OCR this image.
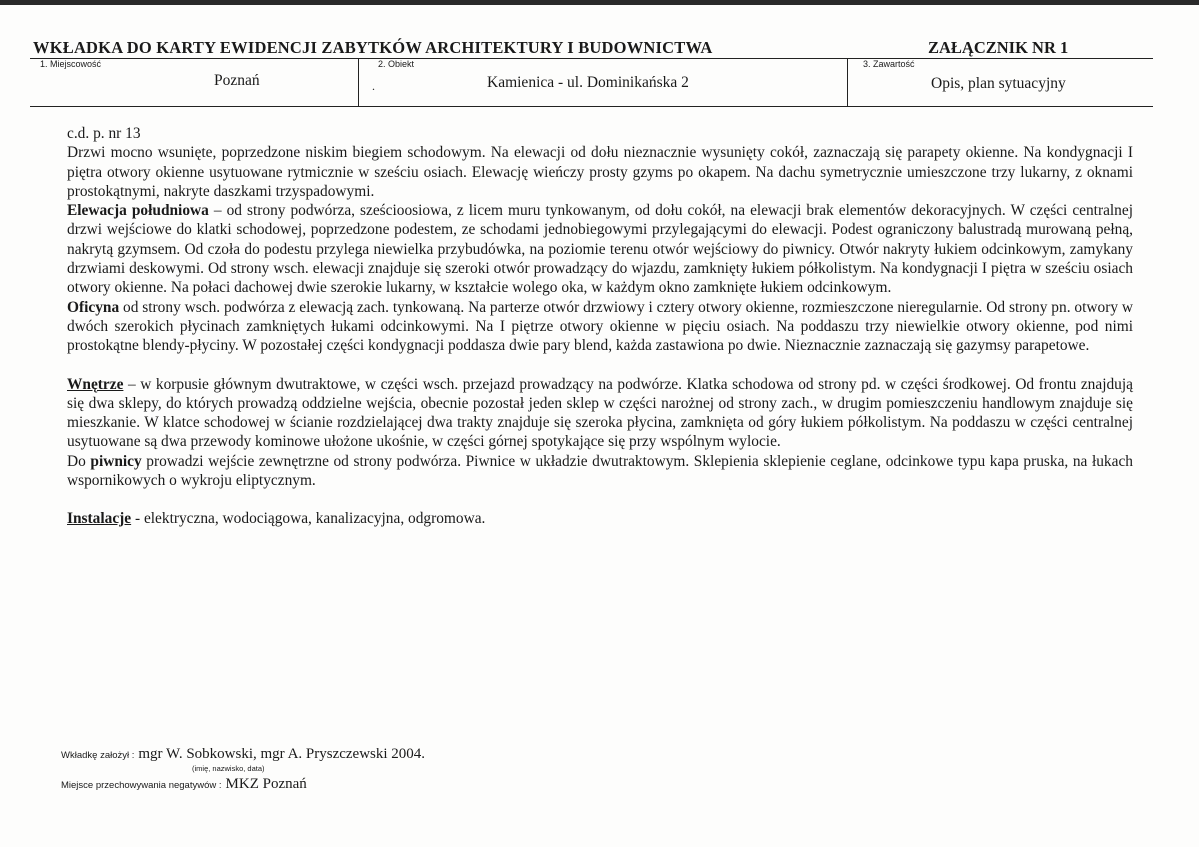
WKŁADKA DO KARTY EWIDENCJI ZABYTKÓW ARCHITEKTURY I BUDOWNICTWA	ZAŁĄCZNIK NR 1
1. Miejscowość
Poznań
2. Obiekt
.	Kamienica - ul. Dominikańska 2
3. Zawartość
Opis, plan sytuacyjny

c.d. p. nr 13

Drzwi mocno wsunięte, poprzedzone niskim biegiem schodowym. Na elewacji od dołu nieznacznie wysunięty cokół, zaznaczają się parapety okienne. Na kondygnacji I piętra otwory okienne usytuowane rytmicznie w sześciu osiach. Elewację wieńczy prosty gzyms po okapem. Na dachu symetrycznie umieszczone trzy lukarny, z oknami prostokątnymi, nakryte daszkami trzyspadowymi.

Elewacja południowa – od strony podwórza, sześcioosiowa, z licem muru tynkowanym, od dołu cokół, na elewacji brak elementów dekoracyjnych. W części centralnej drzwi wejściowe do klatki schodowej, poprzedzone podestem, ze schodami jednobiegowymi przylegającymi do elewacji. Podest ograniczony balustradą murowaną pełną, nakrytą gzymsem. Od czoła do podestu przylega niewielka przybudówka, na poziomie terenu otwór wejściowy do piwnicy. Otwór nakryty łukiem odcinkowym, zamykany drzwiami deskowymi. Od strony wsch. elewacji znajduje się szeroki otwór prowadzący do wjazdu, zamknięty łukiem półkolistym. Na kondygnacji I piętra w sześciu osiach otwory okienne. Na połaci dachowej dwie szerokie lukarny, w kształcie wolego oka, w każdym okno zamknięte łukiem odcinkowym.

Oficyna od strony wsch. podwórza z elewacją zach. tynkowaną. Na parterze otwór drzwiowy i cztery otwory okienne, rozmieszczone nieregularnie. Od strony pn. otwory w dwóch szerokich płycinach zamkniętych łukami odcinkowymi. Na I piętrze otwory okienne w pięciu osiach. Na poddaszu trzy niewielkie otwory okienne, pod nimi prostokątne blendy-płyciny. W pozostałej części kondygnacji poddasza dwie pary blend, każda zastawiona po dwie. Nieznacznie zaznaczają się gazymsy parapetowe.

Wnętrze – w korpusie głównym dwutraktowe, w części wsch. przejazd prowadzący na podwórze. Klatka schodowa od strony pd. w części środkowej. Od frontu znajdują się dwa sklepy, do których prowadzą oddzielne wejścia, obecnie pozostał jeden sklep w części narożnej od strony zach., w drugim pomieszczeniu handlowym znajduje się mieszkanie. W klatce schodowej w ścianie rozdzielającej dwa trakty znajduje się szeroka płycina, zamknięta od góry łukiem półkolistym. Na poddaszu w części centralnej usytuowane są dwa przewody kominowe ułożone ukośnie, w części górnej spotykające się przy wspólnym wylocie.

Do piwnicy prowadzi wejście zewnętrzne od strony podwórza. Piwnice w układzie dwutraktowym. Sklepienia sklepienie ceglane, odcinkowe typu kapa pruska, na łukach wspornikowych o wykroju eliptycznym.

Instalacje - elektryczna, wodociągowa, kanalizacyjna, odgromowa.

Wkładkę założył : mgr W. Sobkowski, mgr A. Pryszczewski 2004.
(imię, nazwisko, data)
Miejsce przechowywania negatywów : MKZ Poznań
